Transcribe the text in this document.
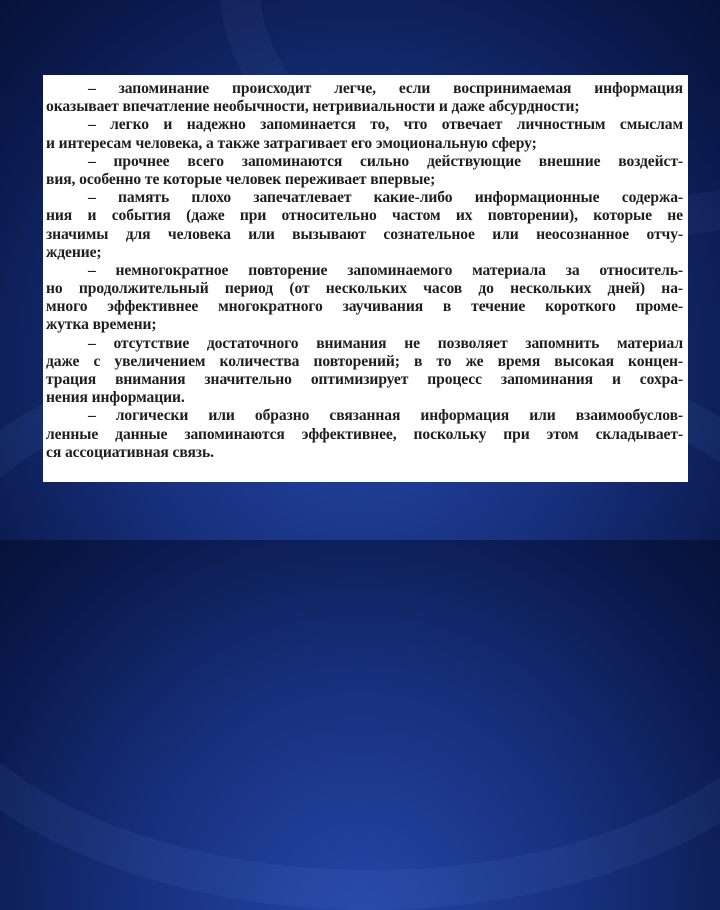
– запоминание происходит легче, если воспринимаемая информация
оказывает впечатление необычности, нетривиальности и даже абсурдности;
– легко и надежно запоминается то, что отвечает личностным смыслам
и интересам человека, а также затрагивает его эмоциональную сферу;
– прочнее всего запоминаются сильно действующие внешние воздейст-
вия, особенно те которые человек переживает впервые;
– память плохо запечатлевает какие-либо информационные содержа-
ния и события (даже при относительно частом их повторении), которые не
значимы для человека или вызывают сознательное или неосознанное отчу-
ждение;
– немногократное повторение запоминаемого материала за относитель-
но продолжительный период (от нескольких часов до нескольких дней) на-
много эффективнее многократного заучивания в течение короткого проме-
жутка времени;
– отсутствие достаточного внимания не позволяет запомнить материал
даже с увеличением количества повторений; в то же время высокая концен-
трация внимания значительно оптимизирует процесс запоминания и сохра-
нения информации.
– логически или образно связанная информация или взаимообуслов-
ленные данные запоминаются эффективнее, поскольку при этом складывает-
ся ассоциативная связь.
